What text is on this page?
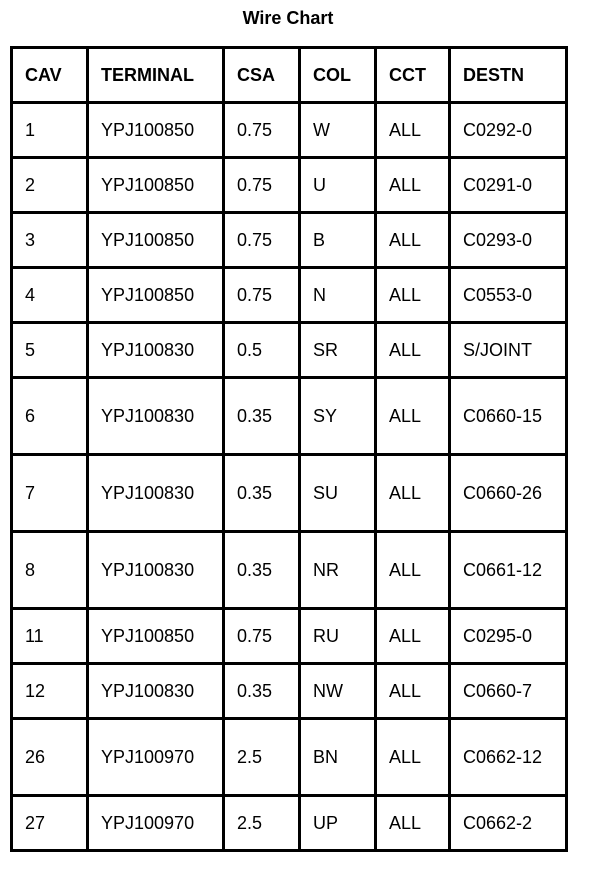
Wire Chart
CAV	TERMINAL	CSA	COL	CCT	DESTN
1	YPJ100850	0.75	W	ALL	C0292-0
2	YPJ100850	0.75	U	ALL	C0291-0
3	YPJ100850	0.75	B	ALL	C0293-0
4	YPJ100850	0.75	N	ALL	C0553-0
5	YPJ100830	0.5	SR	ALL	S/JOINT
6	YPJ100830	0.35	SY	ALL	C0660-15
7	YPJ100830	0.35	SU	ALL	C0660-26
8	YPJ100830	0.35	NR	ALL	C0661-12
11	YPJ100850	0.75	RU	ALL	C0295-0
12	YPJ100830	0.35	NW	ALL	C0660-7
26	YPJ100970	2.5	BN	ALL	C0662-12
27	YPJ100970	2.5	UP	ALL	C0662-2
